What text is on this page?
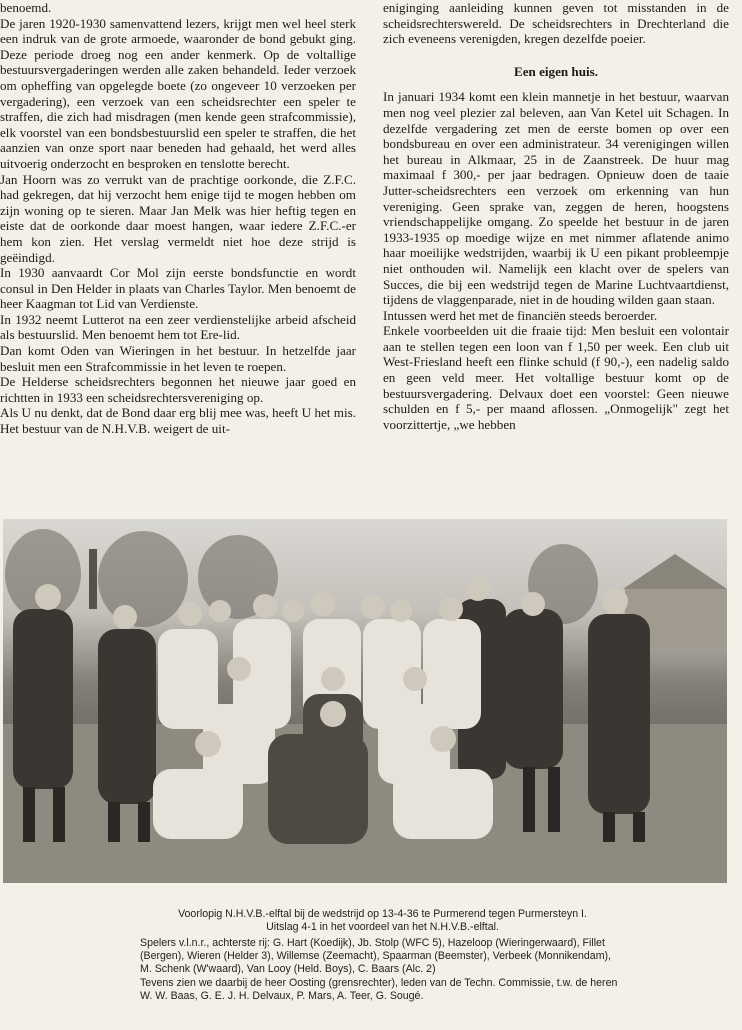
benoemd.

De jaren 1920-1930 samenvattend lezers, krijgt men wel heel sterk een indruk van de grote armoede, waaronder de bond gebukt ging. Deze periode droeg nog een ander kenmerk. Op de voltallige bestuursvergaderingen werden alle zaken behandeld. Ieder verzoek om opheffing van opgelegde boete (zo ongeveer 10 verzoeken per vergadering), een verzoek van een scheidsrechter een speler te straffen, die zich had misdragen (men kende geen strafcommissie), elk voorstel van een bondsbestuurslid een speler te straffen, die het aanzien van onze sport naar beneden had gehaald, het werd alles uitvoerig onderzocht en besproken en tenslotte berecht.

Jan Hoorn was zo verrukt van de prachtige oorkonde, die Z.F.C. had gekregen, dat hij verzocht hem enige tijd te mogen hebben om zijn woning op te sieren. Maar Jan Melk was hier heftig tegen en eiste dat de oorkonde daar moest hangen, waar iedere Z.F.C.-er hem kon zien. Het verslag vermeldt niet hoe deze strijd is geëindigd.

In 1930 aanvaardt Cor Mol zijn eerste bondsfunctie en wordt consul in Den Helder in plaats van Charles Taylor. Men benoemt de heer Kaagman tot Lid van Verdienste.

In 1932 neemt Lutterot na een zeer verdienstelijke arbeid afscheid als bestuurslid. Men benoemt hem tot Ere-lid.

Dan komt Oden van Wieringen in het bestuur. In hetzelfde jaar besluit men een Strafcommissie in het leven te roepen.

De Helderse scheidsrechters begonnen het nieuwe jaar goed en richtten in 1933 een scheidsrechtersvereniging op.

Als U nu denkt, dat de Bond daar erg blij mee was, heeft U het mis. Het bestuur van de N.H.V.B. weigert de uit-

eniginging aanleiding kunnen geven tot misstanden in de scheidsrechterswereld. De scheidsrechters in Drechterland die zich eveneens verenigden, kregen dezelfde poeier.

Een eigen huis.

In januari 1934 komt een klein mannetje in het bestuur, waarvan men nog veel plezier zal beleven, aan Van Ketel uit Schagen. In dezelfde vergadering zet men de eerste bomen op over een bondsbureau en over een administrateur. 34 verenigingen willen het bureau in Alkmaar, 25 in de Zaanstreek. De huur mag maximaal f 300,- per jaar bedragen. Opnieuw doen de taaie Jutter-scheidsrechters een verzoek om erkenning van hun vereniging. Geen sprake van, zeggen de heren, hoogstens vriendschappelijke omgang. Zo speelde het bestuur in de jaren 1933-1935 op moedige wijze en met nimmer aflatende animo haar moeilijke wedstrijden, waarbij ik U een pikant probleempje niet onthouden wil. Namelijk een klacht over de spelers van Succes, die bij een wedstrijd tegen de Marine Luchtvaartdienst, tijdens de vlaggenparade, niet in de houding wilden gaan staan.

Intussen werd het met de financiën steeds beroerder.

Enkele voorbeelden uit die fraaie tijd: Men besluit een volontair aan te stellen tegen een loon van f 1,50 per week. Een club uit West-Friesland heeft een flinke schuld (f 90,-), een nadelig saldo en geen veld meer. Het voltallige bestuur komt op de bestuursvergadering. Delvaux doet een voorstel: Geen nieuwe schulden en f 5,- per maand aflossen. „Onmogelijk" zegt het voorzittertje, „we hebben

Voorlopig N.H.V.B.-elftal bij de wedstrijd op 13-4-36 te Purmerend tegen Purmersteyn I.

Uitslag 4-1 in het voordeel van het N.H.V.B.-elftal.

Spelers v.l.n.r., achterste rij: G. Hart (Koedijk), Jb. Stolp (WFC 5), Hazeloop (Wieringerwaard), Fillet (Bergen), Wieren (Helder 3), Willemse (Zeemacht), Spaarman (Beemster), Verbeek (Monnikendam), M. Schenk (W'waard), Van Looy (Held. Boys), C. Baars (Alc. 2)

Tevens zien we daarbij de heer Oosting (grensrechter), leden van de Techn. Commissie, t.w. de heren W. W. Baas, G. E. J. H. Delvaux, P. Mars, A. Teer, G. Sougé.
